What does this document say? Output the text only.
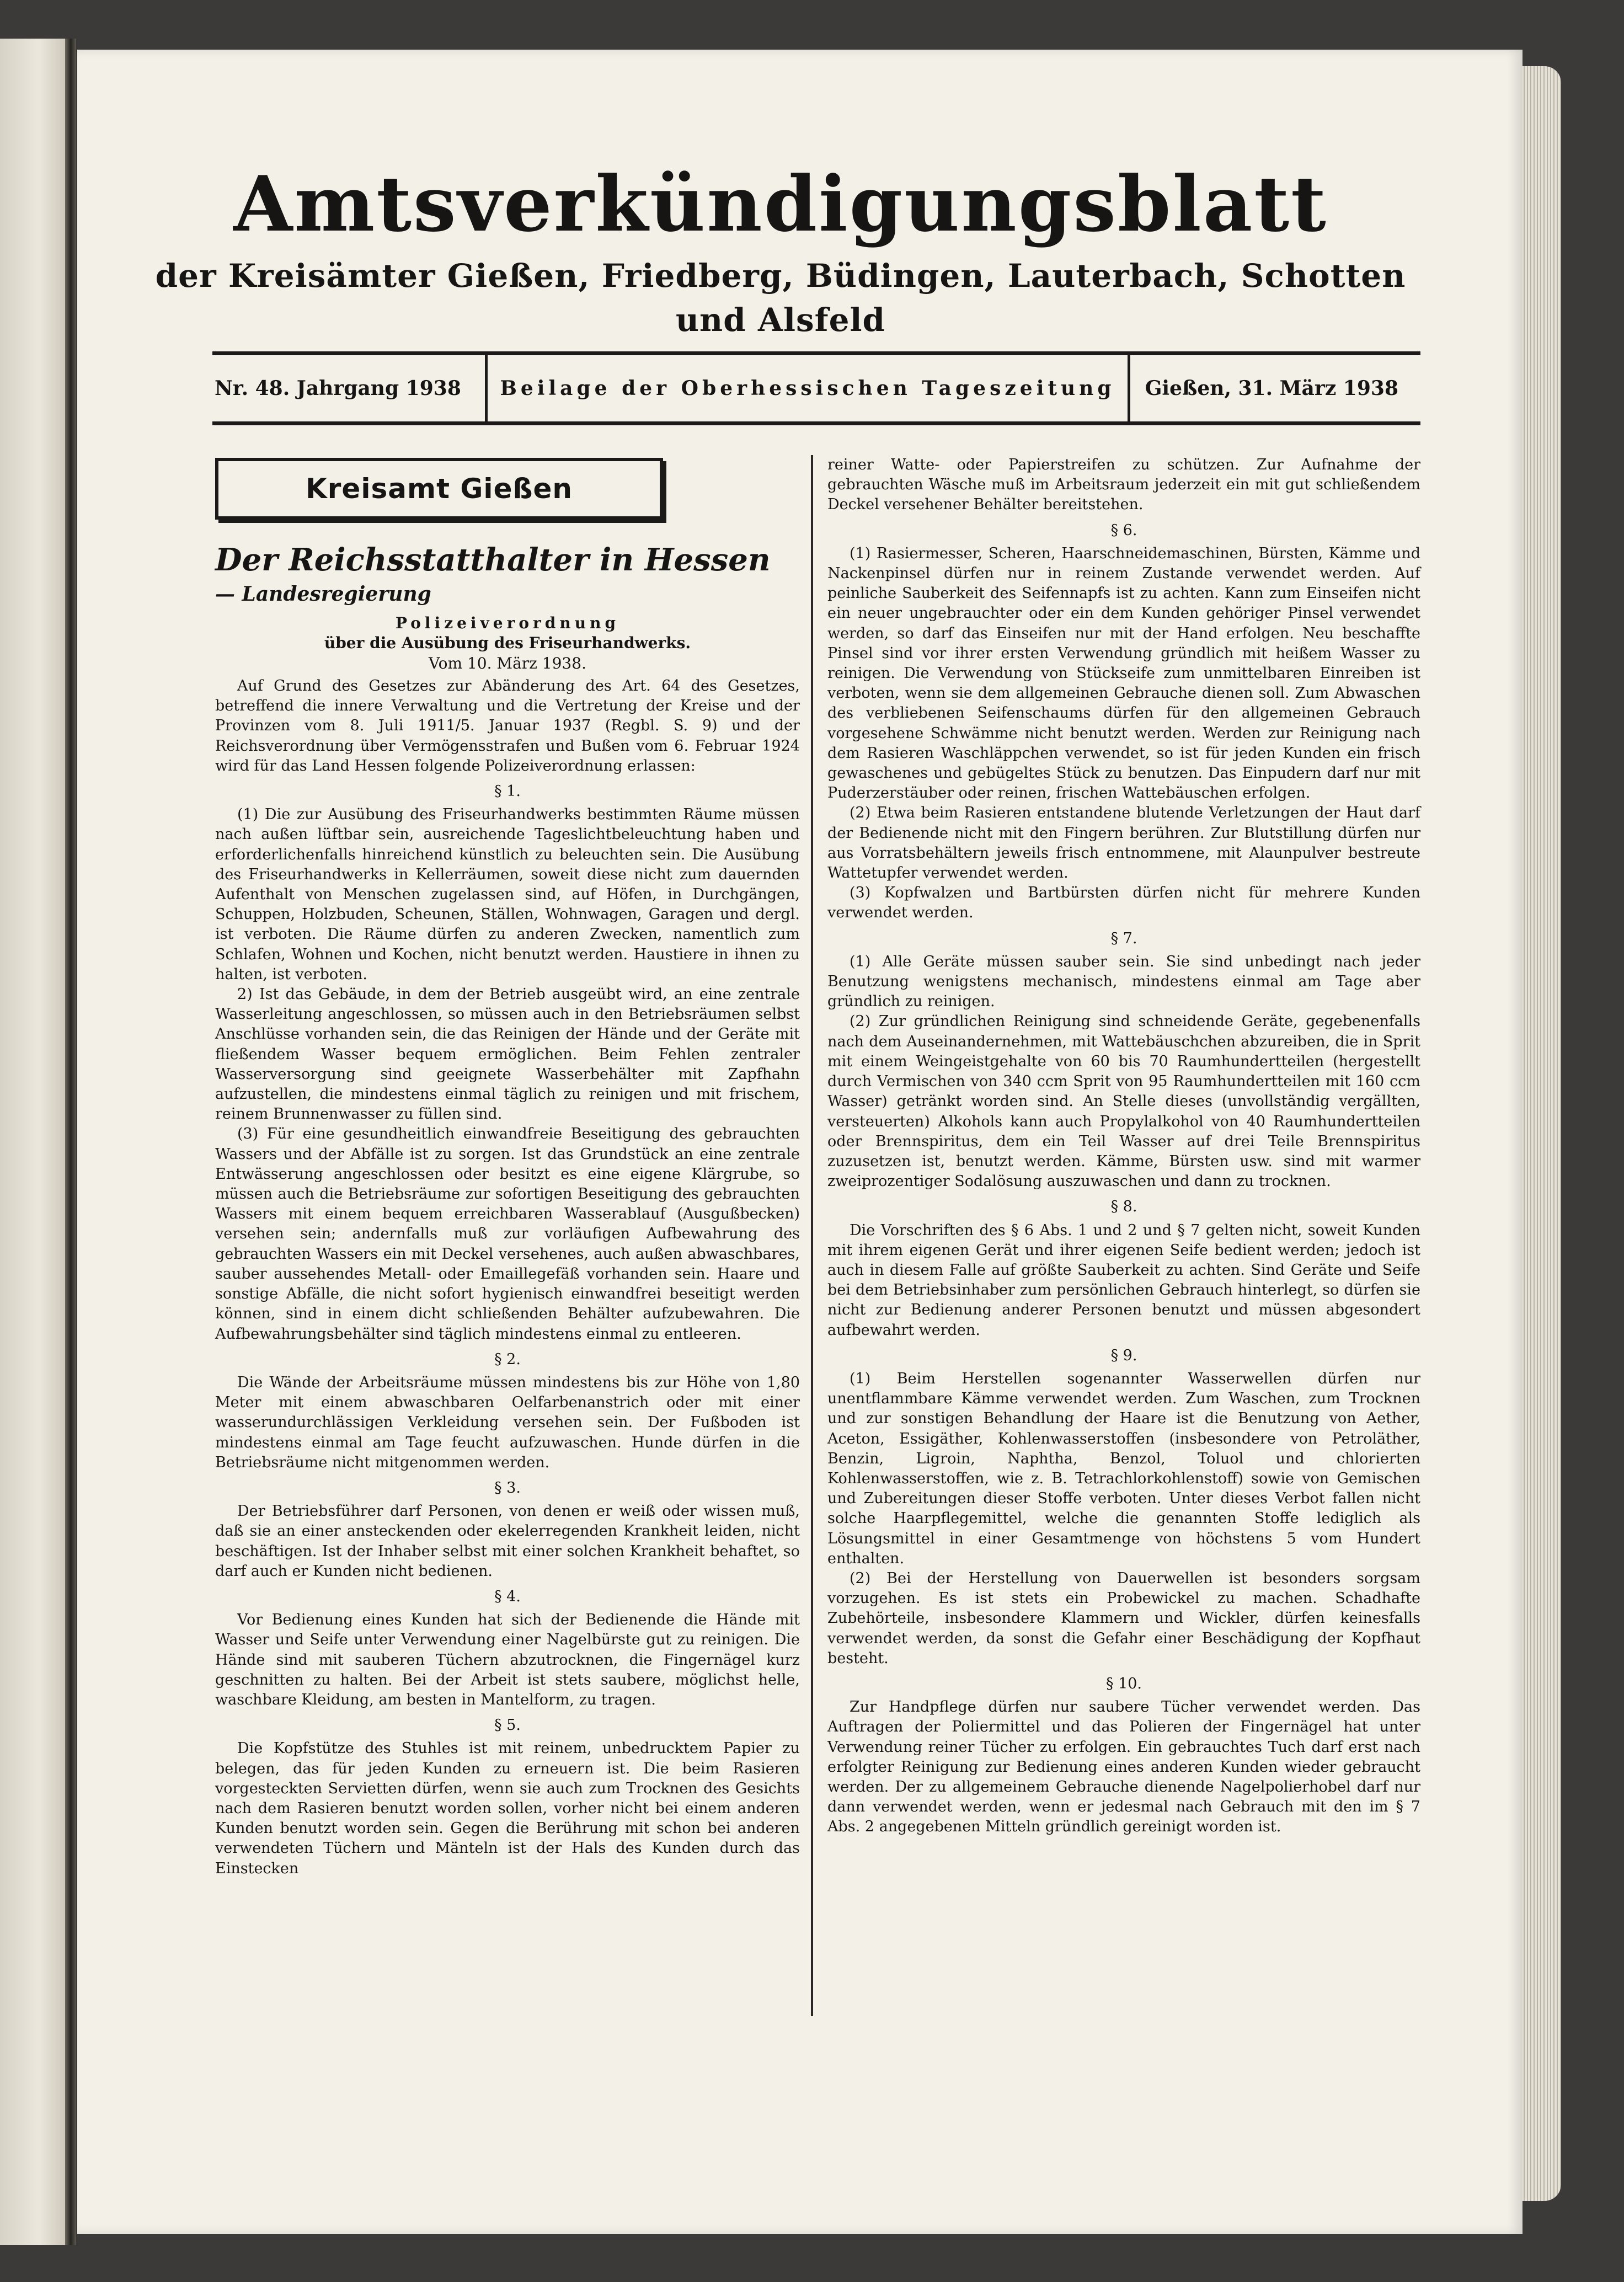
Amtsverkündigungsblatt
der Kreisämter Gießen, Friedberg, Büdingen, Lauterbach, Schotten und Alsfeld
Nr. 48. Jahrgang 1938	Beilage der Oberhessischen Tageszeitung	Gießen, 31. März 1938
Kreisamt Gießen
Der Reichsstatthalter in Hessen
— Landesregierung
Polizeiverordnung
über die Ausübung des Friseurhandwerks.
Vom 10. März 1938.

Auf Grund des Gesetzes zur Abänderung des Art. 64 des Gesetzes, betreffend die innere Verwaltung und die Vertretung der Kreise und der Provinzen vom 8. Juli 1911/5. Januar 1937 (Regbl. S. 9) und der Reichsverordnung über Vermögensstrafen und Bußen vom 6. Februar 1924 wird für das Land Hessen folgende Polizeiverordnung erlassen:

§ 1.

(1) Die zur Ausübung des Friseurhandwerks bestimmten Räume müssen nach außen lüftbar sein, ausreichende Tageslichtbeleuchtung haben und erforderlichenfalls hinreichend künstlich zu beleuchten sein. Die Ausübung des Friseurhandwerks in Kellerräumen, soweit diese nicht zum dauernden Aufenthalt von Menschen zugelassen sind, auf Höfen, in Durchgängen, Schuppen, Holzbuden, Scheunen, Ställen, Wohnwagen, Garagen und dergl. ist verboten. Die Räume dürfen zu anderen Zwecken, namentlich zum Schlafen, Wohnen und Kochen, nicht benutzt werden. Haustiere in ihnen zu halten, ist verboten.

2) Ist das Gebäude, in dem der Betrieb ausgeübt wird, an eine zentrale Wasserleitung angeschlossen, so müssen auch in den Betriebsräumen selbst Anschlüsse vorhanden sein, die das Reinigen der Hände und der Geräte mit fließendem Wasser bequem ermöglichen. Beim Fehlen zentraler Wasserversorgung sind geeignete Wasserbehälter mit Zapfhahn aufzustellen, die mindestens einmal täglich zu reinigen und mit frischem, reinem Brunnenwasser zu füllen sind.

(3) Für eine gesundheitlich einwandfreie Beseitigung des gebrauchten Wassers und der Abfälle ist zu sorgen. Ist das Grundstück an eine zentrale Entwässerung angeschlossen oder besitzt es eine eigene Klärgrube, so müssen auch die Betriebsräume zur sofortigen Beseitigung des gebrauchten Wassers mit einem bequem erreichbaren Wasserablauf (Ausgußbecken) versehen sein; andernfalls muß zur vorläufigen Aufbewahrung des gebrauchten Wassers ein mit Deckel versehenes, auch außen abwaschbares, sauber aussehendes Metall- oder Emaillegefäß vorhanden sein. Haare und sonstige Abfälle, die nicht sofort hygienisch einwandfrei beseitigt werden können, sind in einem dicht schließenden Behälter aufzubewahren. Die Aufbewahrungsbehälter sind täglich mindestens einmal zu entleeren.

§ 2.

Die Wände der Arbeitsräume müssen mindestens bis zur Höhe von 1,80 Meter mit einem abwaschbaren Oelfarbenanstrich oder mit einer wasserundurchlässigen Verkleidung versehen sein. Der Fußboden ist mindestens einmal am Tage feucht aufzuwaschen. Hunde dürfen in die Betriebsräume nicht mitgenommen werden.

§ 3.

Der Betriebsführer darf Personen, von denen er weiß oder wissen muß, daß sie an einer ansteckenden oder ekelerregenden Krankheit leiden, nicht beschäftigen. Ist der Inhaber selbst mit einer solchen Krankheit behaftet, so darf auch er Kunden nicht bedienen.

§ 4.

Vor Bedienung eines Kunden hat sich der Bedienende die Hände mit Wasser und Seife unter Verwendung einer Nagelbürste gut zu reinigen. Die Hände sind mit sauberen Tüchern abzutrocknen, die Fingernägel kurz geschnitten zu halten. Bei der Arbeit ist stets saubere, möglichst helle, waschbare Kleidung, am besten in Mantelform, zu tragen.

§ 5.

Die Kopfstütze des Stuhles ist mit reinem, unbedrucktem Papier zu belegen, das für jeden Kunden zu erneuern ist. Die beim Rasieren vorgesteckten Servietten dürfen, wenn sie auch zum Trocknen des Gesichts nach dem Rasieren benutzt worden sollen, vorher nicht bei einem anderen Kunden benutzt worden sein. Gegen die Berührung mit schon bei anderen verwendeten Tüchern und Mänteln ist der Hals des Kunden durch das Einstecken

reiner Watte- oder Papierstreifen zu schützen. Zur Aufnahme der gebrauchten Wäsche muß im Arbeitsraum jederzeit ein mit gut schließendem Deckel versehener Behälter bereitstehen.

§ 6.

(1) Rasiermesser, Scheren, Haarschneidemaschinen, Bürsten, Kämme und Nackenpinsel dürfen nur in reinem Zustande verwendet werden. Auf peinliche Sauberkeit des Seifennapfs ist zu achten. Kann zum Einseifen nicht ein neuer ungebrauchter oder ein dem Kunden gehöriger Pinsel verwendet werden, so darf das Einseifen nur mit der Hand erfolgen. Neu beschaffte Pinsel sind vor ihrer ersten Verwendung gründlich mit heißem Wasser zu reinigen. Die Verwendung von Stückseife zum unmittelbaren Einreiben ist verboten, wenn sie dem allgemeinen Gebrauche dienen soll. Zum Abwaschen des verbliebenen Seifenschaums dürfen für den allgemeinen Gebrauch vorgesehene Schwämme nicht benutzt werden. Werden zur Reinigung nach dem Rasieren Waschläppchen verwendet, so ist für jeden Kunden ein frisch gewaschenes und gebügeltes Stück zu benutzen. Das Einpudern darf nur mit Puderzerstäuber oder reinen, frischen Wattebäuschen erfolgen.

(2) Etwa beim Rasieren entstandene blutende Verletzungen der Haut darf der Bedienende nicht mit den Fingern berühren. Zur Blutstillung dürfen nur aus Vorratsbehältern jeweils frisch entnommene, mit Alaunpulver bestreute Wattetupfer verwendet werden.

(3) Kopfwalzen und Bartbürsten dürfen nicht für mehrere Kunden verwendet werden.

§ 7.

(1) Alle Geräte müssen sauber sein. Sie sind unbedingt nach jeder Benutzung wenigstens mechanisch, mindestens einmal am Tage aber gründlich zu reinigen.

(2) Zur gründlichen Reinigung sind schneidende Geräte, gegebenenfalls nach dem Auseinandernehmen, mit Wattebäuschchen abzureiben, die in Sprit mit einem Weingeistgehalte von 60 bis 70 Raumhundertteilen (hergestellt durch Vermischen von 340 ccm Sprit von 95 Raumhundertteilen mit 160 ccm Wasser) getränkt worden sind. An Stelle dieses (unvollständig vergällten, versteuerten) Alkohols kann auch Propylalkohol von 40 Raumhundertteilen oder Brennspiritus, dem ein Teil Wasser auf drei Teile Brennspiritus zuzusetzen ist, benutzt werden. Kämme, Bürsten usw. sind mit warmer zweiprozentiger Sodalösung auszuwaschen und dann zu trocknen.

§ 8.

Die Vorschriften des § 6 Abs. 1 und 2 und § 7 gelten nicht, soweit Kunden mit ihrem eigenen Gerät und ihrer eigenen Seife bedient werden; jedoch ist auch in diesem Falle auf größte Sauberkeit zu achten. Sind Geräte und Seife bei dem Betriebsinhaber zum persönlichen Gebrauch hinterlegt, so dürfen sie nicht zur Bedienung anderer Personen benutzt und müssen abgesondert aufbewahrt werden.

§ 9.

(1) Beim Herstellen sogenannter Wasserwellen dürfen nur unentflammbare Kämme verwendet werden. Zum Waschen, zum Trocknen und zur sonstigen Behandlung der Haare ist die Benutzung von Aether, Aceton, Essigäther, Kohlenwasserstoffen (insbesondere von Petroläther, Benzin, Ligroin, Naphtha, Benzol, Toluol und chlorierten Kohlenwasserstoffen, wie z. B. Tetrachlorkohlenstoff) sowie von Gemischen und Zubereitungen dieser Stoffe verboten. Unter dieses Verbot fallen nicht solche Haarpflegemittel, welche die genannten Stoffe lediglich als Lösungsmittel in einer Gesamtmenge von höchstens 5 vom Hundert enthalten.

(2) Bei der Herstellung von Dauerwellen ist besonders sorgsam vorzugehen. Es ist stets ein Probewickel zu machen. Schadhafte Zubehörteile, insbesondere Klammern und Wickler, dürfen keinesfalls verwendet werden, da sonst die Gefahr einer Beschädigung der Kopfhaut besteht.

§ 10.

Zur Handpflege dürfen nur saubere Tücher verwendet werden. Das Auftragen der Poliermittel und das Polieren der Fingernägel hat unter Verwendung reiner Tücher zu erfolgen. Ein gebrauchtes Tuch darf erst nach erfolgter Reinigung zur Bedienung eines anderen Kunden wieder gebraucht werden. Der zu allgemeinem Gebrauche dienende Nagelpolierhobel darf nur dann verwendet werden, wenn er jedesmal nach Gebrauch mit den im § 7 Abs. 2 angegebenen Mitteln gründlich gereinigt worden ist.
